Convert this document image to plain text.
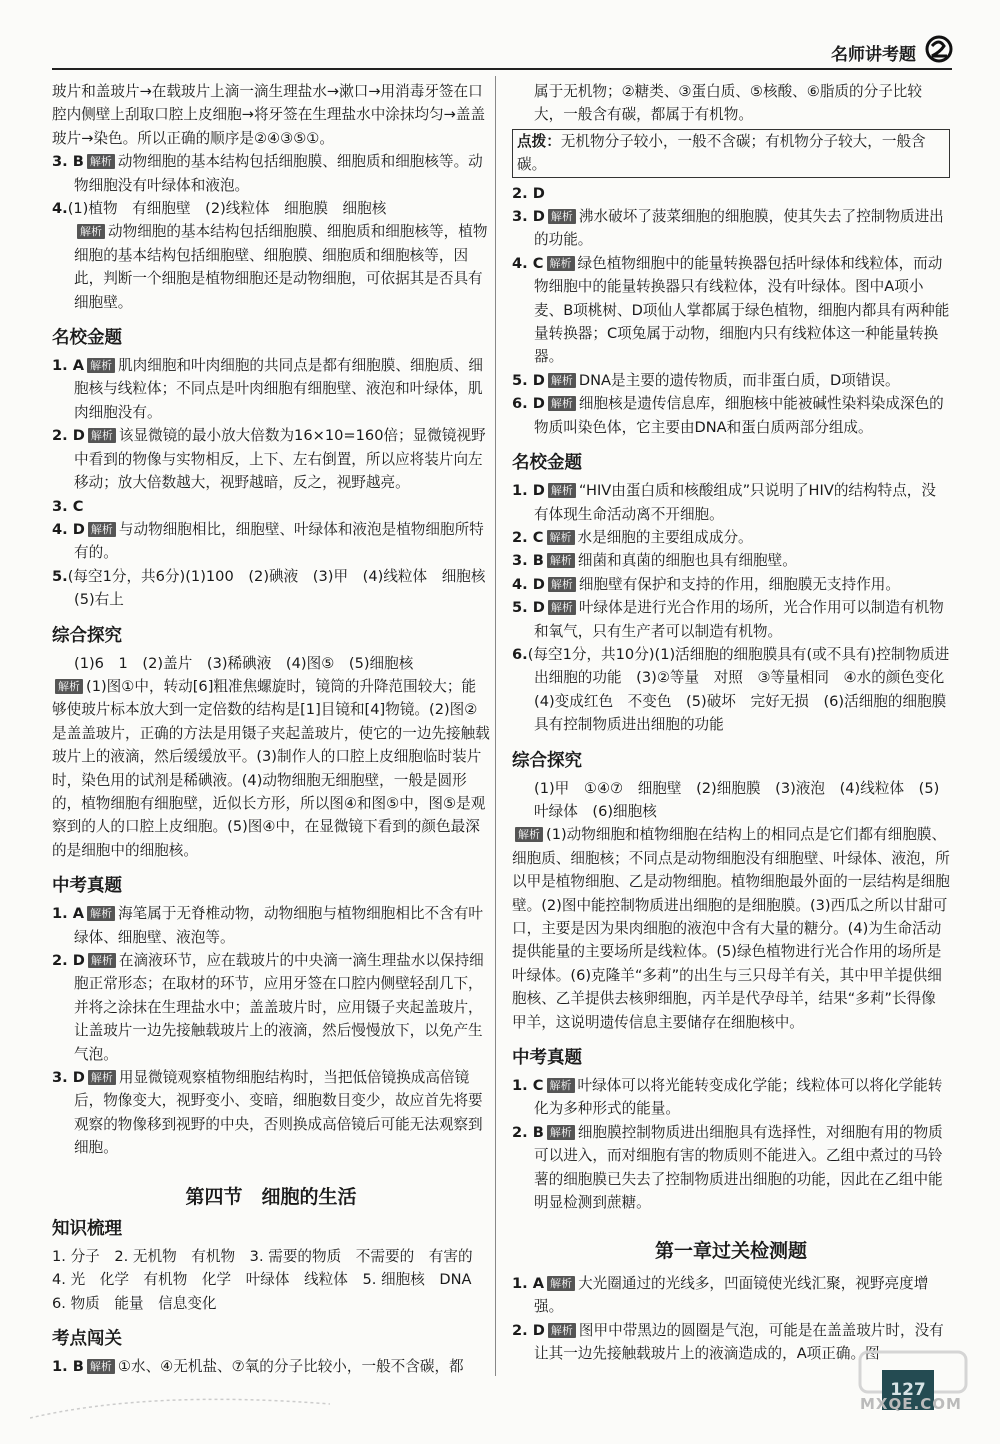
名师讲考题

玻片和盖玻片→在载玻片上滴一滴生理盐水→漱口→用消毒牙签在口腔内侧壁上刮取口腔上皮细胞→将牙签在生理盐水中涂抹均匀→盖盖玻片→染色。所以正确的顺序是②④③⑤①。

3. B 解析 动物细胞的基本结构包括细胞膜、细胞质和细胞核等。动物细胞没有叶绿体和液泡。

4.(1)植物　有细胞壁　(2)线粒体　细胞膜　细胞核
解析 动物细胞的基本结构包括细胞膜、细胞质和细胞核等，植物细胞的基本结构包括细胞壁、细胞膜、细胞质和细胞核等，因此，判断一个细胞是植物细胞还是动物细胞，可依据其是否具有细胞壁。

名校金题

1. A 解析 肌肉细胞和叶肉细胞的共同点是都有细胞膜、细胞质、细胞核与线粒体；不同点是叶肉细胞有细胞壁、液泡和叶绿体，肌肉细胞没有。

2. D 解析 该显微镜的最小放大倍数为16×10=160倍；显微镜视野中看到的物像与实物相反，上下、左右倒置，所以应将装片向左移动；放大倍数越大，视野越暗，反之，视野越亮。

3. C

4. D 解析 与动物细胞相比，细胞壁、叶绿体和液泡是植物细胞所特有的。

5.(每空1分，共6分)(1)100　(2)碘液　(3)甲　(4)线粒体　细胞核　(5)右上

综合探究

(1)6　1　(2)盖片　(3)稀碘液　(4)图⑤　(5)细胞核

解析 (1)图①中，转动[6]粗准焦螺旋时，镜筒的升降范围较大；能够使玻片标本放大到一定倍数的结构是[1]目镜和[4]物镜。(2)图②是盖盖玻片，正确的方法是用镊子夹起盖玻片，使它的一边先接触载玻片上的液滴，然后缓缓放平。(3)制作人的口腔上皮细胞临时装片时，染色用的试剂是稀碘液。(4)动物细胞无细胞壁，一般是圆形的，植物细胞有细胞壁，近似长方形，所以图④和图⑤中，图⑤是观察到的人的口腔上皮细胞。(5)图④中，在显微镜下看到的颜色最深的是细胞中的细胞核。

中考真题

1. A 解析 海笔属于无脊椎动物，动物细胞与植物细胞相比不含有叶绿体、细胞壁、液泡等。

2. D 解析 在滴液环节，应在载玻片的中央滴一滴生理盐水以保持细胞正常形态；在取材的环节，应用牙签在口腔内侧壁轻刮几下，并将之涂抹在生理盐水中；盖盖玻片时，应用镊子夹起盖玻片，让盖玻片一边先接触载玻片上的液滴，然后慢慢放下，以免产生气泡。

3. D 解析 用显微镜观察植物细胞结构时，当把低倍镜换成高倍镜后，物像变大，视野变小、变暗，细胞数目变少，故应首先将要观察的物像移到视野的中央，否则换成高倍镜后可能无法观察到细胞。

第四节　细胞的生活
知识梳理

1. 分子　2. 无机物　有机物　3. 需要的物质　不需要的　有害的　4. 光　化学　有机物　化学　叶绿体　线粒体　5. 细胞核　DNA　6. 物质　能量　信息变化

考点闯关

1. B 解析 ①水、④无机盐、⑦氧的分子比较小，一般不含碳，都

属于无机物；②糖类、③蛋白质、⑤核酸、⑥脂质的分子比较大，一般含有碳，都属于有机物。

点拨：无机物分子较小，一般不含碳；有机物分子较大，一般含碳。

2. D

3. D 解析 沸水破坏了菠菜细胞的细胞膜，使其失去了控制物质进出的功能。

4. C 解析 绿色植物细胞中的能量转换器包括叶绿体和线粒体，而动物细胞中的能量转换器只有线粒体，没有叶绿体。图中A项小麦、B项桃树、D项仙人掌都属于绿色植物，细胞内都具有两种能量转换器；C项兔属于动物，细胞内只有线粒体这一种能量转换器。

5. D 解析 DNA是主要的遗传物质，而非蛋白质，D项错误。

6. D 解析 细胞核是遗传信息库，细胞核中能被碱性染料染成深色的物质叫染色体，它主要由DNA和蛋白质两部分组成。

名校金题

1. D 解析 “HIV由蛋白质和核酸组成”只说明了HIV的结构特点，没有体现生命活动离不开细胞。

2. C 解析 水是细胞的主要组成成分。

3. B 解析 细菌和真菌的细胞也具有细胞壁。

4. D 解析 细胞壁有保护和支持的作用，细胞膜无支持作用。

5. D 解析 叶绿体是进行光合作用的场所，光合作用可以制造有机物和氧气，只有生产者可以制造有机物。

6.(每空1分，共10分)(1)活细胞的细胞膜具有(或不具有)控制物质进出细胞的功能　(3)②等量　对照　③等量相同　④水的颜色变化　(4)变成红色　不变色　(5)破坏　完好无损　(6)活细胞的细胞膜具有控制物质进出细胞的功能

综合探究

(1)甲　①④⑦　细胞壁　(2)细胞膜　(3)液泡　(4)线粒体　(5)叶绿体　(6)细胞核

解析 (1)动物细胞和植物细胞在结构上的相同点是它们都有细胞膜、细胞质、细胞核；不同点是动物细胞没有细胞壁、叶绿体、液泡，所以甲是植物细胞、乙是动物细胞。植物细胞最外面的一层结构是细胞壁。(2)图中能控制物质进出细胞的是细胞膜。(3)西瓜之所以甘甜可口，主要是因为果肉细胞的液泡中含有大量的糖分。(4)为生命活动提供能量的主要场所是线粒体。(5)绿色植物进行光合作用的场所是叶绿体。(6)克隆羊“多莉”的出生与三只母羊有关，其中甲羊提供细胞核、乙羊提供去核卵细胞，丙羊是代孕母羊，结果“多莉”长得像甲羊，这说明遗传信息主要储存在细胞核中。

中考真题

1. C 解析 叶绿体可以将光能转变成化学能；线粒体可以将化学能转化为多种形式的能量。

2. B 解析 细胞膜控制物质进出细胞具有选择性，对细胞有用的物质可以进入，而对细胞有害的物质则不能进入。乙组中煮过的马铃薯的细胞膜已失去了控制物质进出细胞的功能，因此在乙组中能明显检测到蔗糖。

第一章过关检测题

1. A 解析 大光圈通过的光线多，凹面镜使光线汇聚，视野亮度增强。

2. D 解析 图甲中带黑边的圆圈是气泡，可能是在盖盖玻片时，没有让其一边先接触载玻片上的液滴造成的，A项正确。图

127
MXQE.COM
